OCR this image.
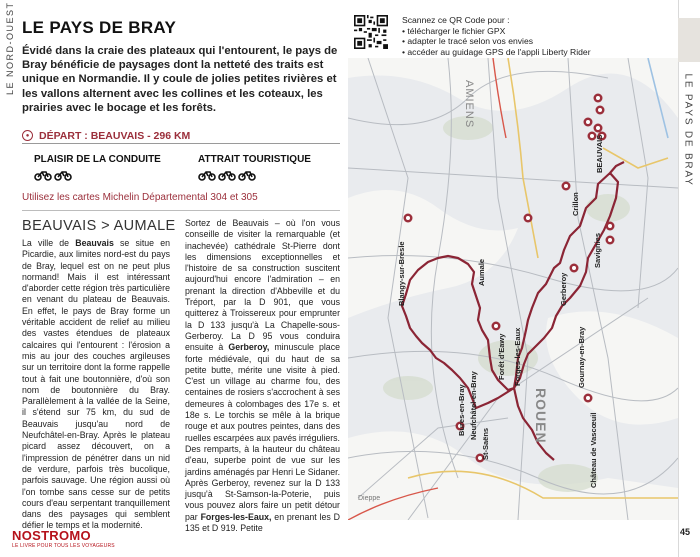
LE NORD-OUEST
LE PAYS DE BRAY
LE PAYS DE BRAY
Évidé dans la craie des plateaux qui l'entourent, le pays de Bray bénéficie de paysages dont la netteté des traits est unique en Normandie. Il y coule de jolies petites rivières et les vallons alternent avec les collines et les coteaux, les prairies avec le bocage et les forêts.
● DÉPART : BEAUVAIS - 296 KM
PLAISIR DE LA CONDUITE	ATTRAIT TOURISTIQUE
Utilisez les cartes Michelin Départemental 304 et 305
BEAUVAIS > AUMALE
La ville de Beauvais se situe en Picardie, aux limites nord-est du pays de Bray, lequel est on ne peut plus normand! Mais il est intéressant d'aborder cette région très particulière en venant du plateau de Beauvais. En effet, le pays de Bray forme un véritable accident de relief au milieu des vastes étendues de plateaux calcaires qui l'entourent : l'érosion a mis au jour des couches argileuses sur un territoire dont la forme rappelle tout à fait une boutonnière, d'où son nom de boutonnière du Bray. Parallèlement à la vallée de la Seine, il s'étend sur 75 km, du sud de Beauvais jusqu'au nord de Neufchâtel-en-Bray. Après le plateau picard assez découvert, on a l'impression de pénétrer dans un nid de verdure, parfois très bucolique, parfois sauvage. Une région aussi où l'on tombe sans cesse sur de petits cours d'eau serpentant tranquillement dans des paysages qui semblent défier le temps et la modernité.
Sortez de Beauvais – où l'on vous conseille de visiter la remarquable (et inachevée) cathédrale St-Pierre dont les dimensions exceptionnelles et l'histoire de sa construction suscitent aujourd'hui encore l'admiration – en prenant la direction d'Abbeville et du Tréport, par la D 901, que vous quitterez à Troissereux pour emprunter la D 133 jusqu'à La Chapelle-sous-Gerberoy. La D 95 vous conduira ensuite à Gerberoy, minuscule place forte médiévale, qui du haut de sa petite butte, mérite une visite à pied. C'est un village au charme fou, des centaines de rosiers s'accrochent à ses demeures à colombages des 17e s. et 18e s. Le torchis se mêle à la brique rouge et aux poutres peintes, dans des ruelles escarpées aux pavés irréguliers. Des remparts, à la hauteur du château d'eau, superbe point de vue sur les jardins aménagés par Henri Le Sidaner. Après Gerberoy, revenez sur la D 133 jusqu'à St-Samson-la-Poterie, puis vous pouvez alors faire un petit détour par Forges-les-Eaux, en prenant les D 135 et D 919. Petite
Scannez ce QR Code pour :
• télécharger le fichier GPX
• adapter le tracé selon vos envies
• accéder au guidage GPS de l'appli Liberty Rider
AMIENS
ROUEN
Dieppe
BEAUVAIS
Crillon
Savignies
Gerberoy
Gournay-en-Bray
Blangy-sur-Bresle	Aumale
Forges-les-Eaux
Forêt d'Eawy
Bures-en-Bray Neufchâtel-en-Bray
St-Saëns	Château de Vascœuil
45
NOSTROMO
LE LIVRE POUR TOUS LES VOYAGEURS
